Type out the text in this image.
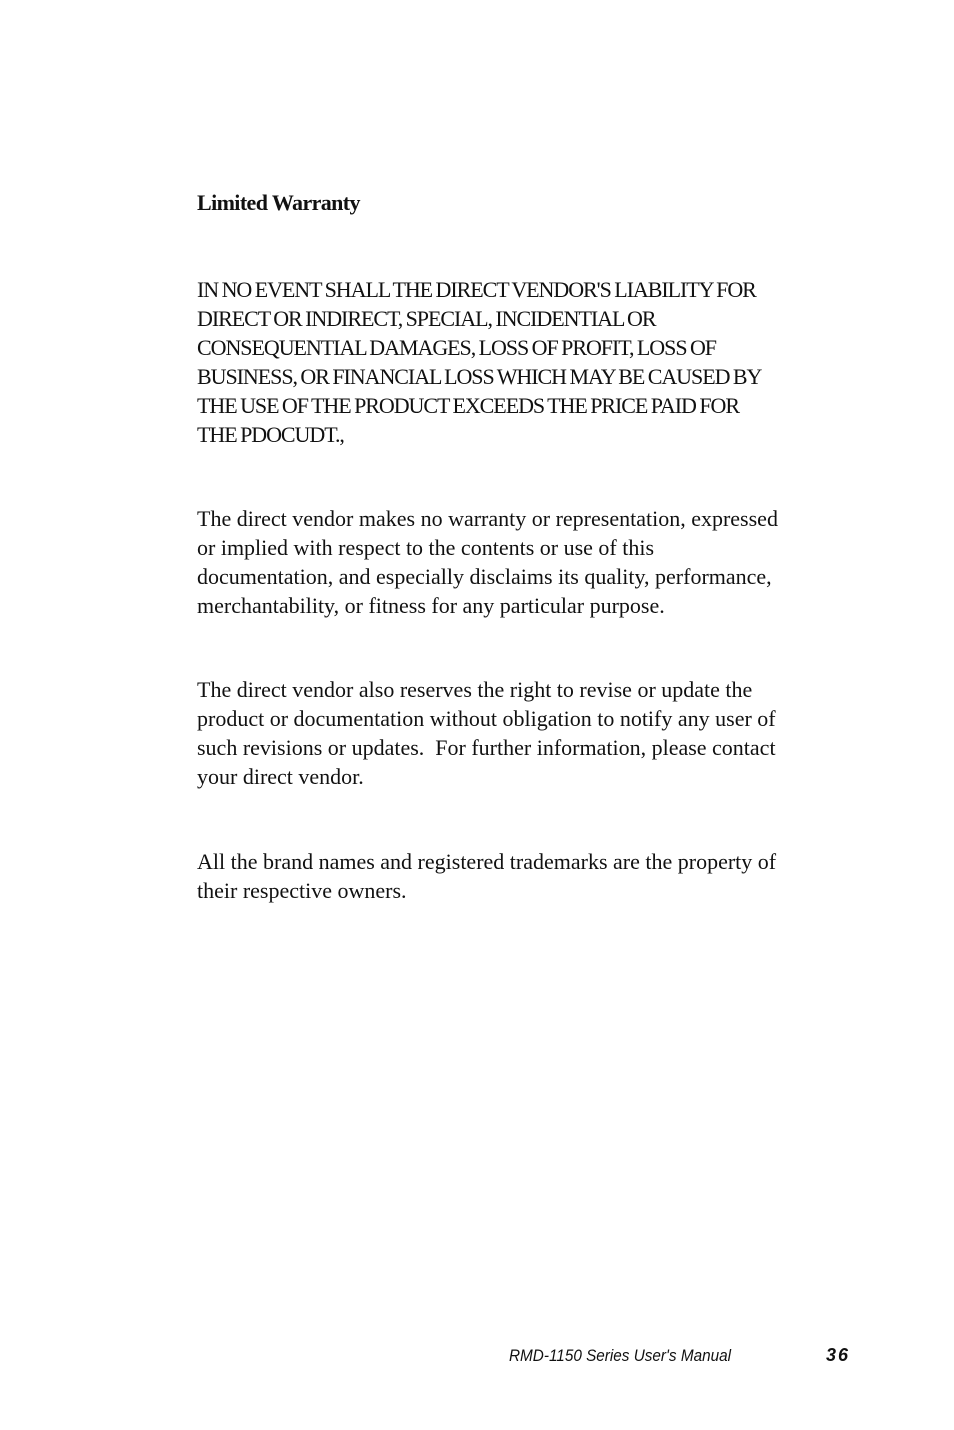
Limited Warranty

IN NO EVENT SHALL THE DIRECT VENDOR'S LIABILITY FOR
DIRECT OR INDIRECT, SPECIAL, INCIDENTIAL OR
CONSEQUENTIAL DAMAGES, LOSS OF PROFIT, LOSS OF
BUSINESS, OR FINANCIAL LOSS WHICH MAY BE CAUSED BY
THE USE OF THE PRODUCT EXCEEDS THE PRICE PAID FOR
THE PDOCUDT.,

The direct vendor makes no warranty or representation, expressed
or implied with respect to the contents or use of this
documentation, and especially disclaims its quality, performance,
merchantability, or fitness for any particular purpose.

The direct vendor also reserves the right to revise or update the
product or documentation without obligation to notify any user of
such revisions or updates.  For further information, please contact
your direct vendor.

All the brand names and registered trademarks are the property of
their respective owners.

RMD-1150 Series User's Manual	36
